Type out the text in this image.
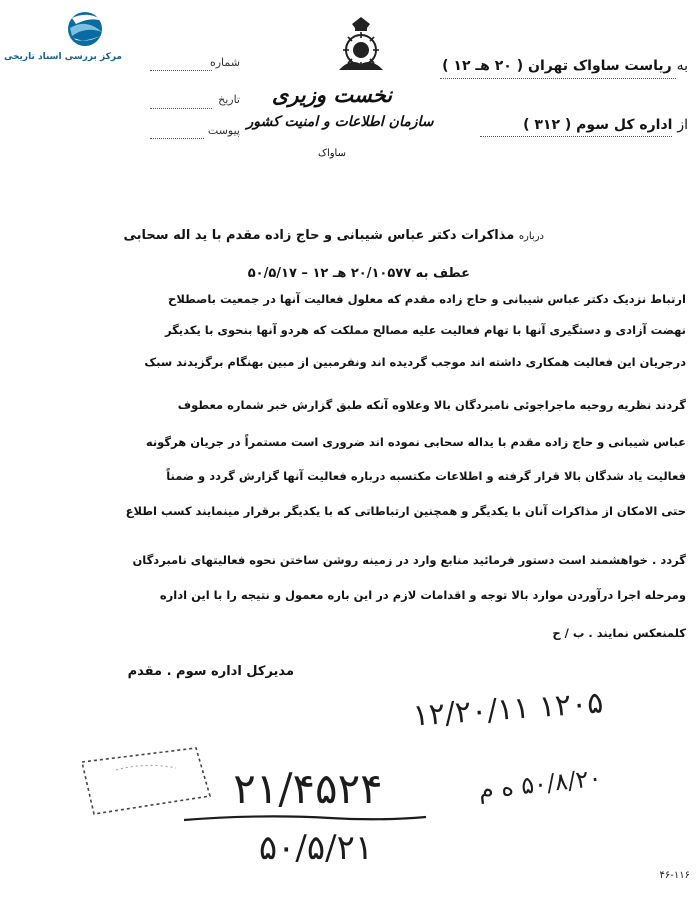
مرکز بررسی اسناد تاریخی	شماره
تاریخ
پیوست
نخست وزیری
سازمان اطلاعات و امنیت کشور
ساواک
به ریاست ساواک تهران ( ۲۰ هـ ۱۲ )
از اداره کل سوم ( ۳۱۲ )
درباره مذاکرات دکتر عباس شیبانی و حاج زاده مقدم با ید اله سحابی
عطف به ۲۰/۱۰۵۷۷ هـ ۱۲ – ۵۰/۵/۱۷
ارتباط نزدیک دکتر عباس شیبانی و حاج زاده مقدم که معلول فعالیت آنها در جمعیت باصطلاح
نهضت آزادی و دستگیری آنها با تهام فعالیت علیه مصالح مملکت که هردو آنها بنحوی با یکدیگر
درجریان این فعالیت همکاری داشته اند موجب گردیده اند ونفرمبین از مبین بهنگام برگزیدند سبک
گردند نظریه روحیه ماجراجوئی نامبردگان بالا وعلاوه آنکه طبق گزارش خبر شماره معطوف
عباس شیبانی و حاج زاده مقدم با یداله سحابی نموده اند ضروری است مستمراً در جریان هرگونه
فعالیت یاد شدگان بالا قرار گرفته و اطلاعات مکتسبه درباره فعالیت آنها گزارش گردد و ضمناً
حتی الامکان از مذاکرات آنان با یکدیگر و همچنین ارتباطاتی که با یکدیگر برقرار مینمایند کسب اطلاع
گردد . خواهشمند است دستور فرمائید منابع وارد در زمینه روشن ساختن نحوه فعالیتهای نامبردگان
ومرحله اجرا درآوردن موارد بالا توجه و اقدامات لازم در این باره معمول و نتیجه را با این اداره
کلمنعکس نمایند . ب / ح
مدیرکل اداره سوم . مقدم
۱۲/۲۰/۱۱ ۱۲۰۵
۲۱/۴۵۲۴
۵۰/۵/۲۱
۵۰/۸/۲۰ ه م
۴۶-۱۱۶
